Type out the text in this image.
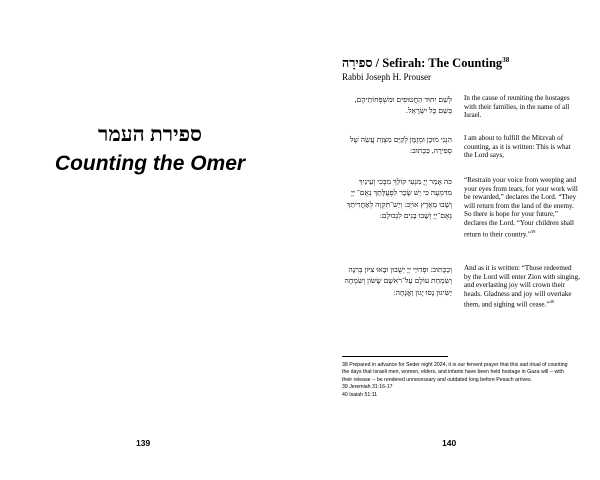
ספירת העמר
Counting the Omer
139
ספירָה / Sefirah: The Counting$^{38}$
Rabbi Joseph H. Prouser
לְשֵׁם יִחוּד הַחֲטוּפִים וּמִשְׁפְּחוֹתֵיהֶם, בְּשֵׁם כָּל יִשְׂרָאֵל.
In the cause of reuniting the hostages with their families, in the name of all Israel.
הִנְנִי מוּכָן וּמְזֻמָּן לְקַיֵּם מִצְוַת עֲשֵׂה שֶׁל סְפִירָה, כַּכָּתוּב:
I am about to fulfill the Mitzvah of counting, as it is written: This is what the Lord says,
כֹּה אָמַר יְיָ מִנְעִי קוֹלֵךְ מִבֶּכִי וְעֵינַיִךְ מִדִּמְעָה כִּי יֵשׁ שָׂכָר לִפְעֻלָּתֵךְ נְאֻם־ יְיָ וְשָׁבוּ מֵאֶרֶץ אוֹיֵב: וְיֵשׁ־תִּקְוָה לְאַחֲרִיתֵךְ נְאֻם־יְיָ וְשָׁבוּ בָנִים לִגְבוּלָם:
“Restrain your voice from weeping and your eyes from tears, for your work will be rewarded,” declares the Lord. “They will return from the land of the enemy. So there is hope for your future,” declares the Lord. “Your children shall return to their country.”$^{39}$
וְכַכָּתוּב: וּפְדוּיֵי יְיָ יְשֻׁבוּן וּבָאוּ צִיּוֹן בְּרִנָּה וְשִׂמְחַת עוֹלָם עַל־רֹאשָׁם שָׂשׂוֹן וְשִׂמְחָה יַשִּׂיגוּן נָסוּ יָגוֹן וַאֲנָחָה:
And as it is written: “Those redeemed by the Lord will enter Zion with singing, and everlasting joy will crown their heads. Gladness and joy will overtake them, and sighing will cease.”$^{40}$
38 Prepared in advance for Seder night 2024, it is our fervent prayer that this sad ritual of counting the days that Israeli men, women, elders, and infants have been held hostage in Gaza will -- with their release -- be rendered unnecessary and outdated long before Pesach arrives.
39 Jeremiah 31:16-17
40 Isaiah 51:11
140
